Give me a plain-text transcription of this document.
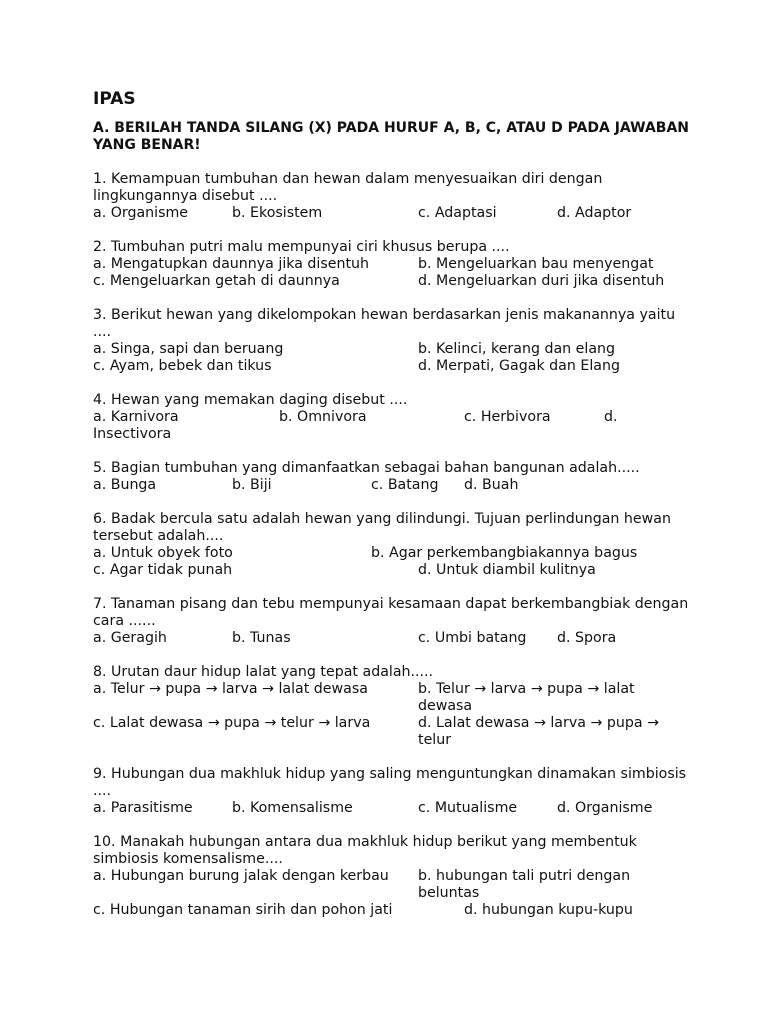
IPAS
A. BERILAH TANDA SILANG (X) PADA HURUF A, B, C, ATAU D PADA JAWABAN YANG BENAR!
1. Kemampuan tumbuhan dan hewan dalam menyesuaikan diri dengan lingkungannya disebut ....
a. Organisme	b. Ekosistem	c. Adaptasi	d. Adaptor
2. Tumbuhan putri malu mempunyai ciri khusus berupa ....
a. Mengatupkan daunnya jika disentuh	b. Mengeluarkan bau menyengat
c. Mengeluarkan getah di daunnya	d. Mengeluarkan duri jika disentuh
3. Berikut hewan yang dikelompokan hewan berdasarkan jenis makanannya yaitu ....
a. Singa, sapi dan beruang	b. Kelinci, kerang dan elang
c. Ayam, bebek dan tikus	d. Merpati, Gagak dan Elang
4. Hewan yang memakan daging disebut ....
a. Karnivora	b. Omnivora	c. Herbivora	d.
Insectivora
5. Bagian tumbuhan yang dimanfaatkan sebagai bahan bangunan adalah.....
a. Bunga	b. Biji	c. Batang d. Buah
6. Badak bercula satu adalah hewan yang dilindungi. Tujuan perlindungan hewan tersebut adalah....
a. Untuk obyek foto	b. Agar perkembangbiakannya bagus
c. Agar tidak punah	d. Untuk diambil kulitnya
7. Tanaman pisang dan tebu mempunyai kesamaan dapat berkembangbiak dengan cara ......
a. Geragih	b. Tunas	c. Umbi batang d. Spora
8. Urutan daur hidup lalat yang tepat adalah.....
a. Telur → pupa → larva → lalat dewasa	b. Telur → larva → pupa → lalat dewasa
c. Lalat dewasa → pupa → telur → larva	d. Lalat dewasa → larva → pupa → telur
9. Hubungan dua makhluk hidup yang saling menguntungkan dinamakan simbiosis ....
a. Parasitisme	b. Komensalisme	c. Mutualisme	d. Organisme
10. Manakah hubungan antara dua makhluk hidup berikut yang membentuk simbiosis komensalisme....
a. Hubungan burung jalak dengan kerbau b. hubungan tali putri dengan beluntas
c. Hubungan tanaman sirih dan pohon jati	d. hubungan kupu-kupu
